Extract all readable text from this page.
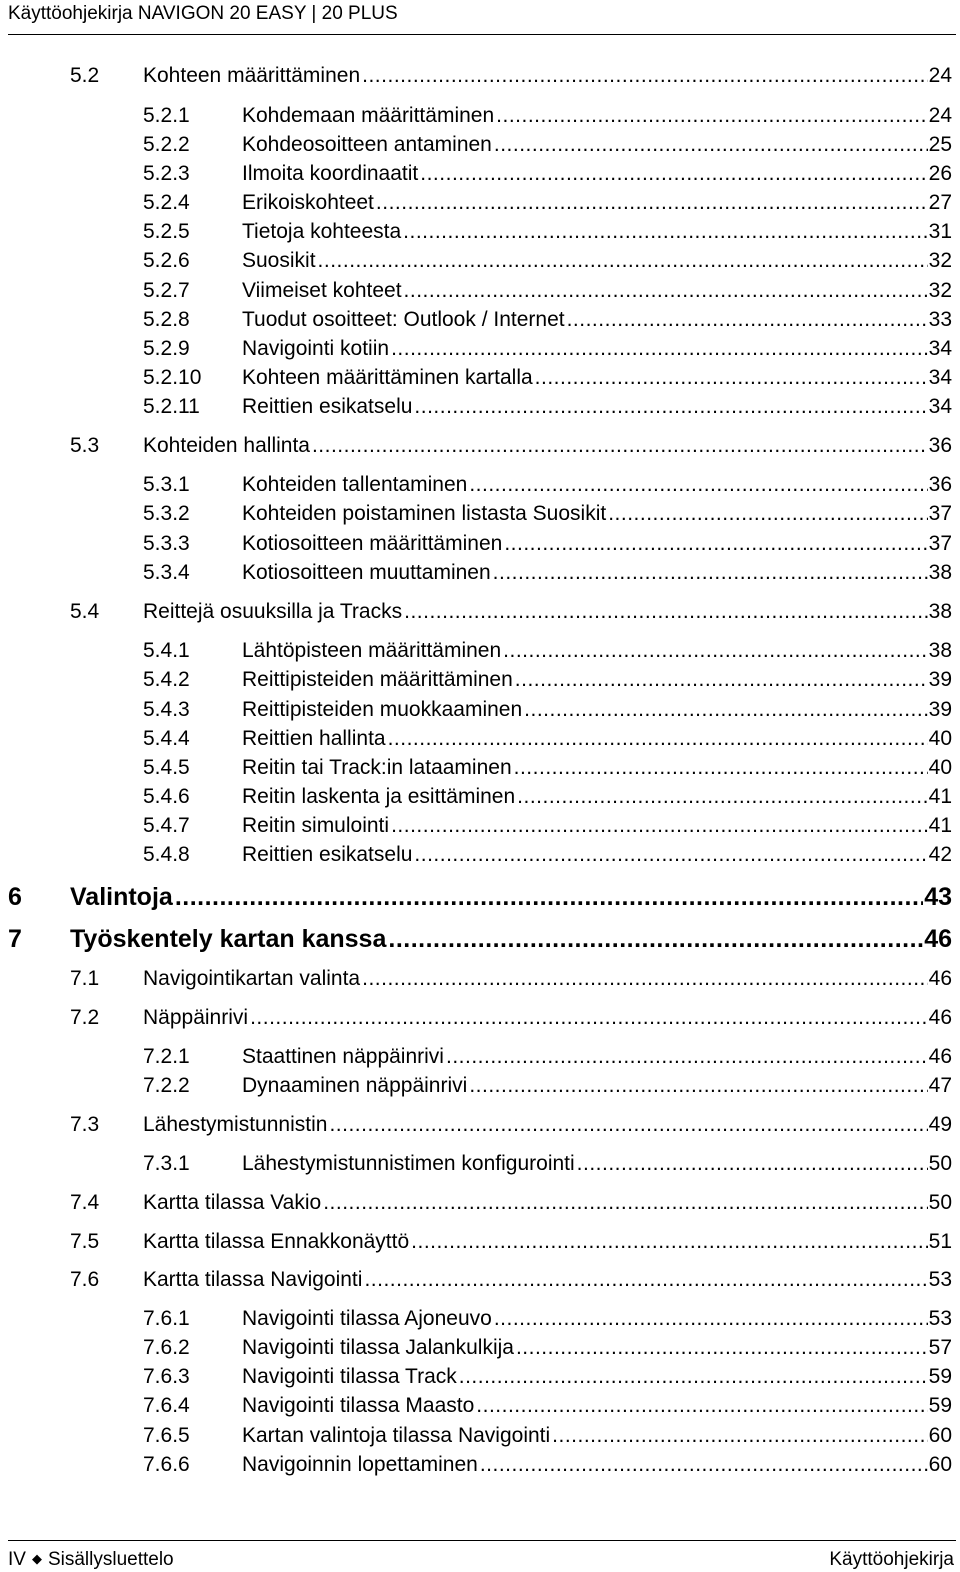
Käyttöohjekirja NAVIGON 20 EASY | 20 PLUS
5.2 Kohteen määrittäminen .....	24
5.2.1 Kohdemaan määrittäminen .....	24
5.2.2 Kohdeosoitteen antaminen .....	25
5.2.3 Ilmoita koordinaatit .....	26
5.2.4 Erikoiskohteet .....	27
5.2.5 Tietoja kohteesta .....	31
5.2.6 Suosikit .....	32
5.2.7 Viimeiset kohteet .....	32
5.2.8 Tuodut osoitteet: Outlook / Internet .....	33
5.2.9 Navigointi kotiin .....	34
5.2.10 Kohteen määrittäminen kartalla .....	34
5.2.11 Reittien esikatselu .....	34
5.3 Kohteiden hallinta .....	36
5.3.1 Kohteiden tallentaminen .....	36
5.3.2 Kohteiden poistaminen listasta Suosikit .....	37
5.3.3 Kotiosoitteen määrittäminen .....	37
5.3.4 Kotiosoitteen muuttaminen .....	38
5.4 Reittejä osuuksilla ja Tracks .....	38
5.4.1 Lähtöpisteen määrittäminen .....	38
5.4.2 Reittipisteiden määrittäminen .....	39
5.4.3 Reittipisteiden muokkaaminen .....	39
5.4.4 Reittien hallinta .....	40
5.4.5 Reitin tai Track:in lataaminen .....	40
5.4.6 Reitin laskenta ja esittäminen .....	41
5.4.7 Reitin simulointi .....	41
5.4.8 Reittien esikatselu .....	42
6 Valintoja .....	43
7 Työskentely kartan kanssa .....	46
7.1 Navigointikartan valinta .....	46
7.2 Näppäinrivi .....	46
7.2.1 Staattinen näppäinrivi .....	46
7.2.2 Dynaaminen näppäinrivi .....	47
7.3 Lähestymistunnistin .....	49
7.3.1 Lähestymistunnistimen konfigurointi .....	50
7.4 Kartta tilassa Vakio .....	50
7.5 Kartta tilassa Ennakkonäyttö .....	51
7.6 Kartta tilassa Navigointi .....	53
7.6.1 Navigointi tilassa Ajoneuvo .....	53
7.6.2 Navigointi tilassa Jalankulkija .....	57
7.6.3 Navigointi tilassa Track .....	59
7.6.4 Navigointi tilassa Maasto .....	59
7.6.5 Kartan valintoja tilassa Navigointi .....	60
7.6.6 Navigoinnin lopettaminen .....	60
IV ◆ Sisällysluettelo	Käyttöohjekirja
